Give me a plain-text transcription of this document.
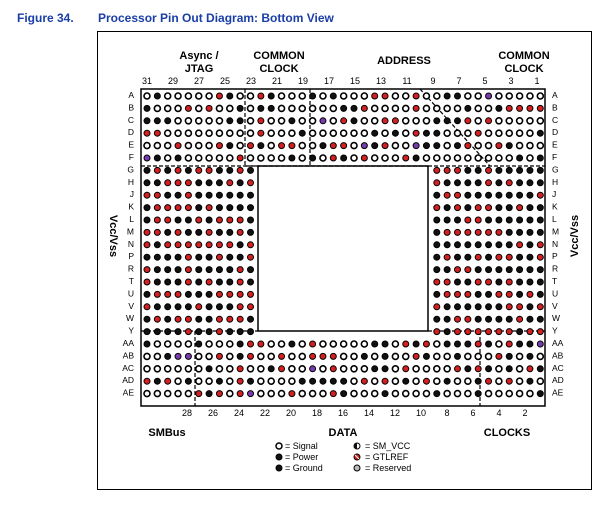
Figure 34. Processor Pin Out Diagram: Bottom View
Async /
JTAG
COMMON
CLOCK
ADDRESS	COMMON
CLOCK
Vcc/Vss	Vcc/Vss
SMBus	DATA	CLOCKS
31 29 27 25 23 21 19 17 15 13 11 9 7 5 3 1
28 26 24 22 20 18 16 14 12 10 8 6 4 2
A
B
C
D
E
F
G
H
J
K
L
M
N
P
R
T
U
V
W
Y
AA
AB
AC
AD
AE
A
B
C
D
E
F
G
H
J
K
L
M
N
P
R
T
U
V
W
Y
AA
AB
AC
AD
AE
= Signal
= Power
= Ground
= SM_VCC
= GTLREF
= Reserved
